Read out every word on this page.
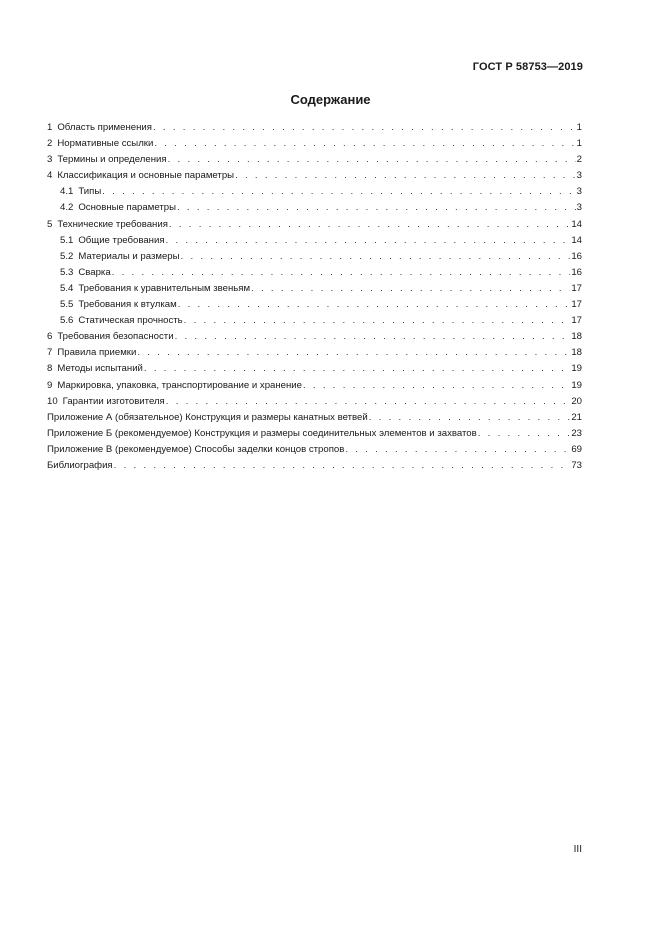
ГОСТ Р 58753—2019
Содержание
1 Область применения . . .	1
2 Нормативные ссылки . . .	1
3 Термины и определения . . .	2
4 Классификация и основные параметры . . .	3
4.1 Типы . . .	3
4.2 Основные параметры . . .	3
5 Технические требования . . .	14
5.1 Общие требования . . .	14
5.2 Материалы и размеры . . .	16
5.3 Сварка . . .	16
5.4 Требования к уравнительным звеньям . . .	17
5.5 Требования к втулкам . . .	17
5.6 Статическая прочность . . .	17
6 Требования безопасности . . .	18
7 Правила приемки . . .	18
8 Методы испытаний . . .	19
9 Маркировка, упаковка, транспортирование и хранение . . .	19
10 Гарантии изготовителя . . .	20
Приложение А (обязательное) Конструкция и размеры канатных ветвей . . .	21
Приложение Б (рекомендуемое) Конструкция и размеры соединительных элементов и захватов . . .	23
Приложение В (рекомендуемое) Способы заделки концов стропов . . .	69
Библиография . . .	73
III
